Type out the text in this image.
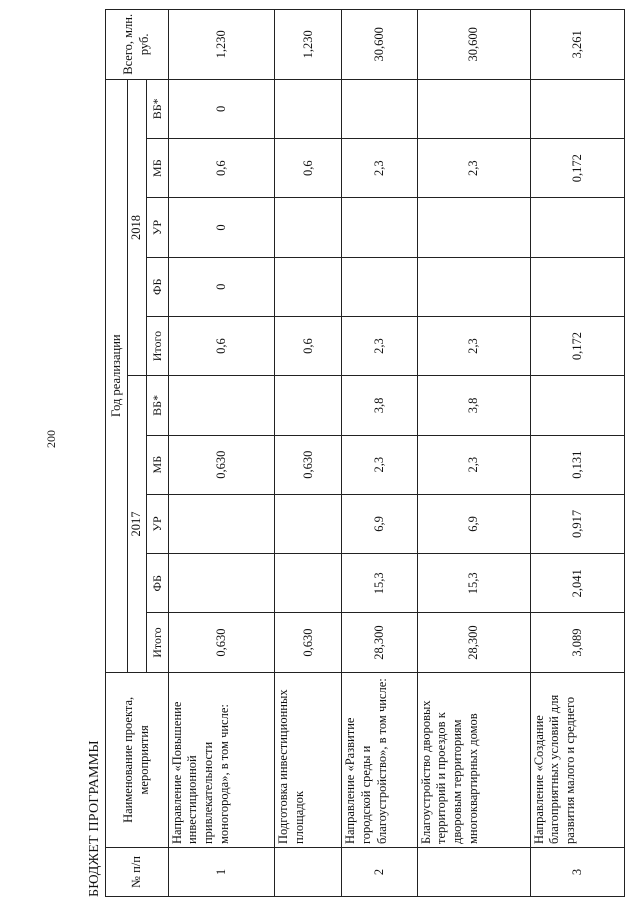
200
БЮДЖЕТ ПРОГРАММЫ № п/п	Наименование проекта, мероприятия	Год реализации										Всего, млн. руб.
		2017					2018					
		Итого	ФБ	УР	МБ	ВБ*	Итого	ФБ	УР	МБ	ВБ*	
1	Направление «Повышение инвестиционной привлекательности моногорода», в том числе:	0,630			0,630		0,6	0	0	0,6	0	1,230
	Подготовка инвестиционных площадок	0,630			0,630		0,6			0,6		1,230
2	Направление «Развитие городской среды и благоустройство», в том числе:	28,300	15,3	6,9	2,3	3,8	2,3			2,3		30,600
	Благоустройство дворовых территорий и проездов к дворовым территориям многоквартирных домов	28,300	15,3	6,9	2,3	3,8	2,3			2,3		30,600
3	Направление «Создание благоприятных условий для развития малого и среднего	3,089	2,041	0,917	0,131		0,172			0,172		3,261
